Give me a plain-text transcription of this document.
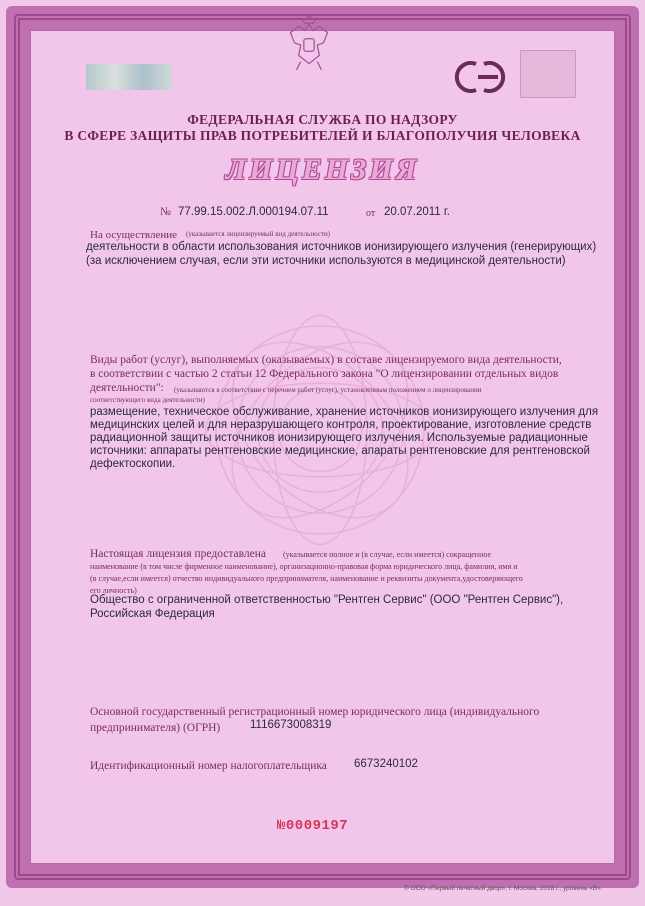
ФЕДЕРАЛЬНАЯ СЛУЖБА ПО НАДЗОРУ
В СФЕРЕ ЗАЩИТЫ ПРАВ ПОТРЕБИТЕЛЕЙ И БЛАГОПОЛУЧИЯ ЧЕЛОВЕКА
ЛИЦЕНЗИЯ
№ 77.99.15.002.Л.000194.07.11	от 20.07.2011 г.
На осуществление (указывается лицензируемый вид деятельности)
деятельности в области использования источников ионизирующего излучения (генерирующих)
(за исключением случая, если эти источники используются в медицинской деятельности)
Виды работ (услуг), выполняемых (оказываемых) в составе лицензируемого вида деятельности,
в соответствии с частью 2 статьи 12 Федерального закона "О лицензировании отдельных видов
деятельности": (указываются в соответствии с перечнем работ (услуг), установленным положением о лицензировании
соответствующего вида деятельности)
размещение, техническое обслуживание, хранение источников ионизирующего излучения для
медицинских целей и для неразрушающего контроля, проектирование, изготовление средств
радиационной защиты источников ионизирующего излучения. Используемые радиационные
источники: аппараты рентгеновские медицинские, апараты рентгеновские для рентгеновской
дефектоскопии.
Настоящая лицензия предоставлена (указывается полное и (в случае, если имеется) сокращенное
наименование (в том числе фирменное наименование), организационно-правовая форма юридического лица, фамилия, имя и
(в случае,если имеется) отчество индивидуального предпринимателя, наименование и реквизиты документа,удостоверяющего
его личность)
Общество с ограниченной ответственностью "Рентген Сервис" (ООО "Рентген Сервис"),
Российская Федерация
Основной государственный регистрационный номер юридического лица (индивидуального
предпринимателя) (ОГРН)	1116673008319
Идентификационный номер налогоплательщика 6673240102
№0009197
© ООО «Первый печатный двор», г. Москва, 2018 г., уровень «В».
